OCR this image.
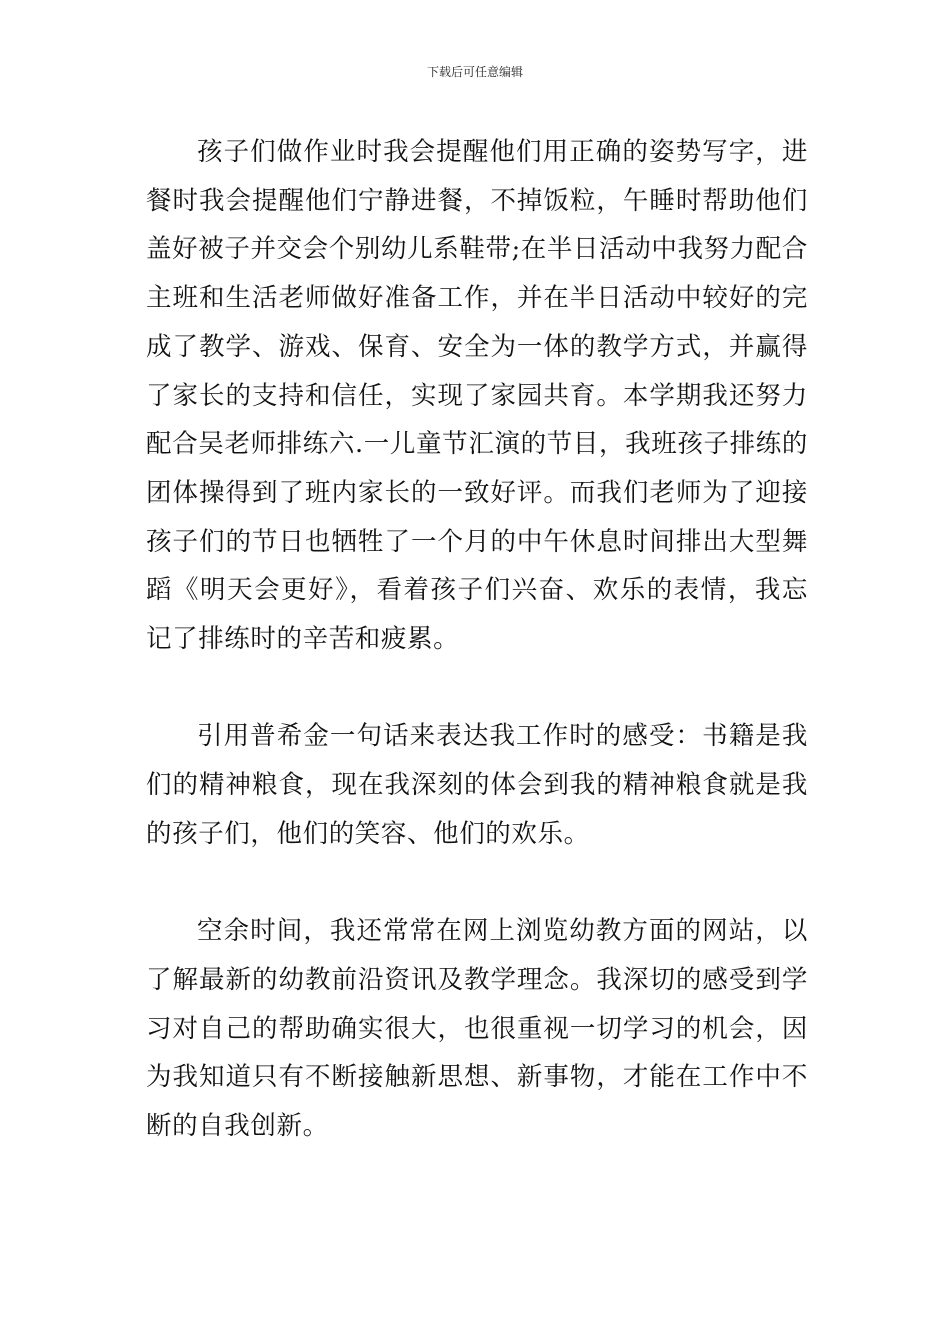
下载后可任意编辑

孩子们做作业时我会提醒他们用正确的姿势写字，进餐时我会提醒他们宁静进餐，不掉饭粒，午睡时帮助他们盖好被子并交会个别幼儿系鞋带;在半日活动中我努力配合主班和生活老师做好准备工作，并在半日活动中较好的完成了教学、游戏、保育、安全为一体的教学方式，并赢得了家长的支持和信任，实现了家园共育。本学期我还努力配合吴老师排练六.一儿童节汇演的节目，我班孩子排练的团体操得到了班内家长的一致好评。而我们老师为了迎接孩子们的节日也牺牲了一个月的中午休息时间排出大型舞蹈《明天会更好》，看着孩子们兴奋、欢乐的表情，我忘记了排练时的辛苦和疲累。

引用普希金一句话来表达我工作时的感受：书籍是我们的精神粮食，现在我深刻的体会到我的精神粮食就是我的孩子们，他们的笑容、他们的欢乐。

空余时间，我还常常在网上浏览幼教方面的网站，以了解最新的幼教前沿资讯及教学理念。我深切的感受到学习对自己的帮助确实很大，也很重视一切学习的机会，因为我知道只有不断接触新思想、新事物，才能在工作中不断的自我创新。
